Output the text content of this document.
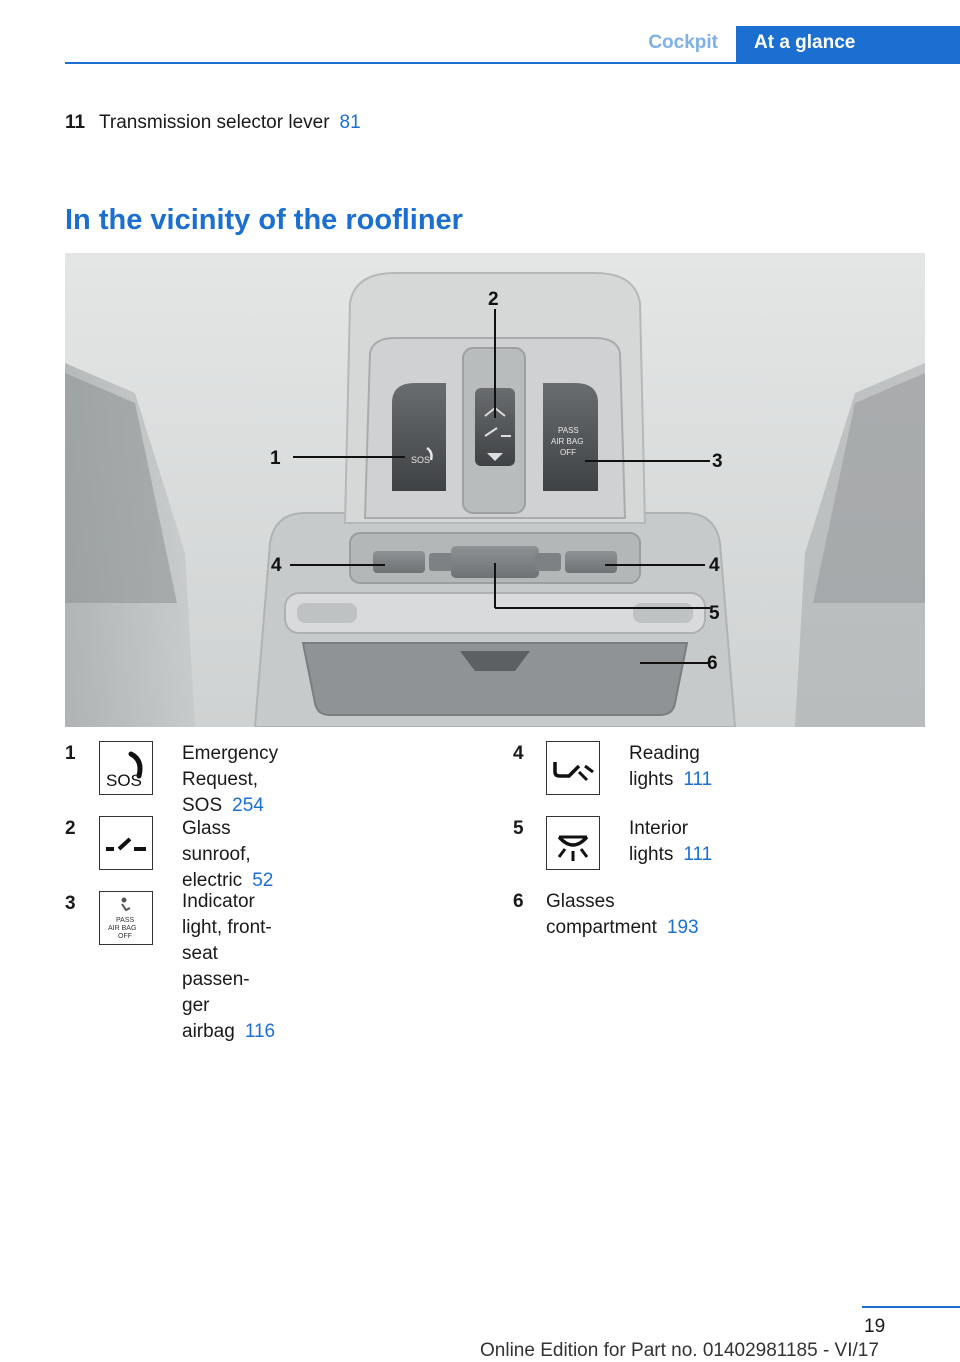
Cockpit	At a glance
11 Transmission selector lever 81
In the vicinity of the roofliner
SOS
PASS
AIR BAG
OFF
1
2
3
4	4
5
6
1
SOS
Emergency Request, SOS 254
2	Glass sunroof, electric 52
3
PASS
AIR BAG
OFF
Indicator light, front-seat passen-
ger airbag 116
4	Reading lights 111
5	Interior lights 111
6 Glasses compartment 193
19
Online Edition for Part no. 01402981185 - VI/17
